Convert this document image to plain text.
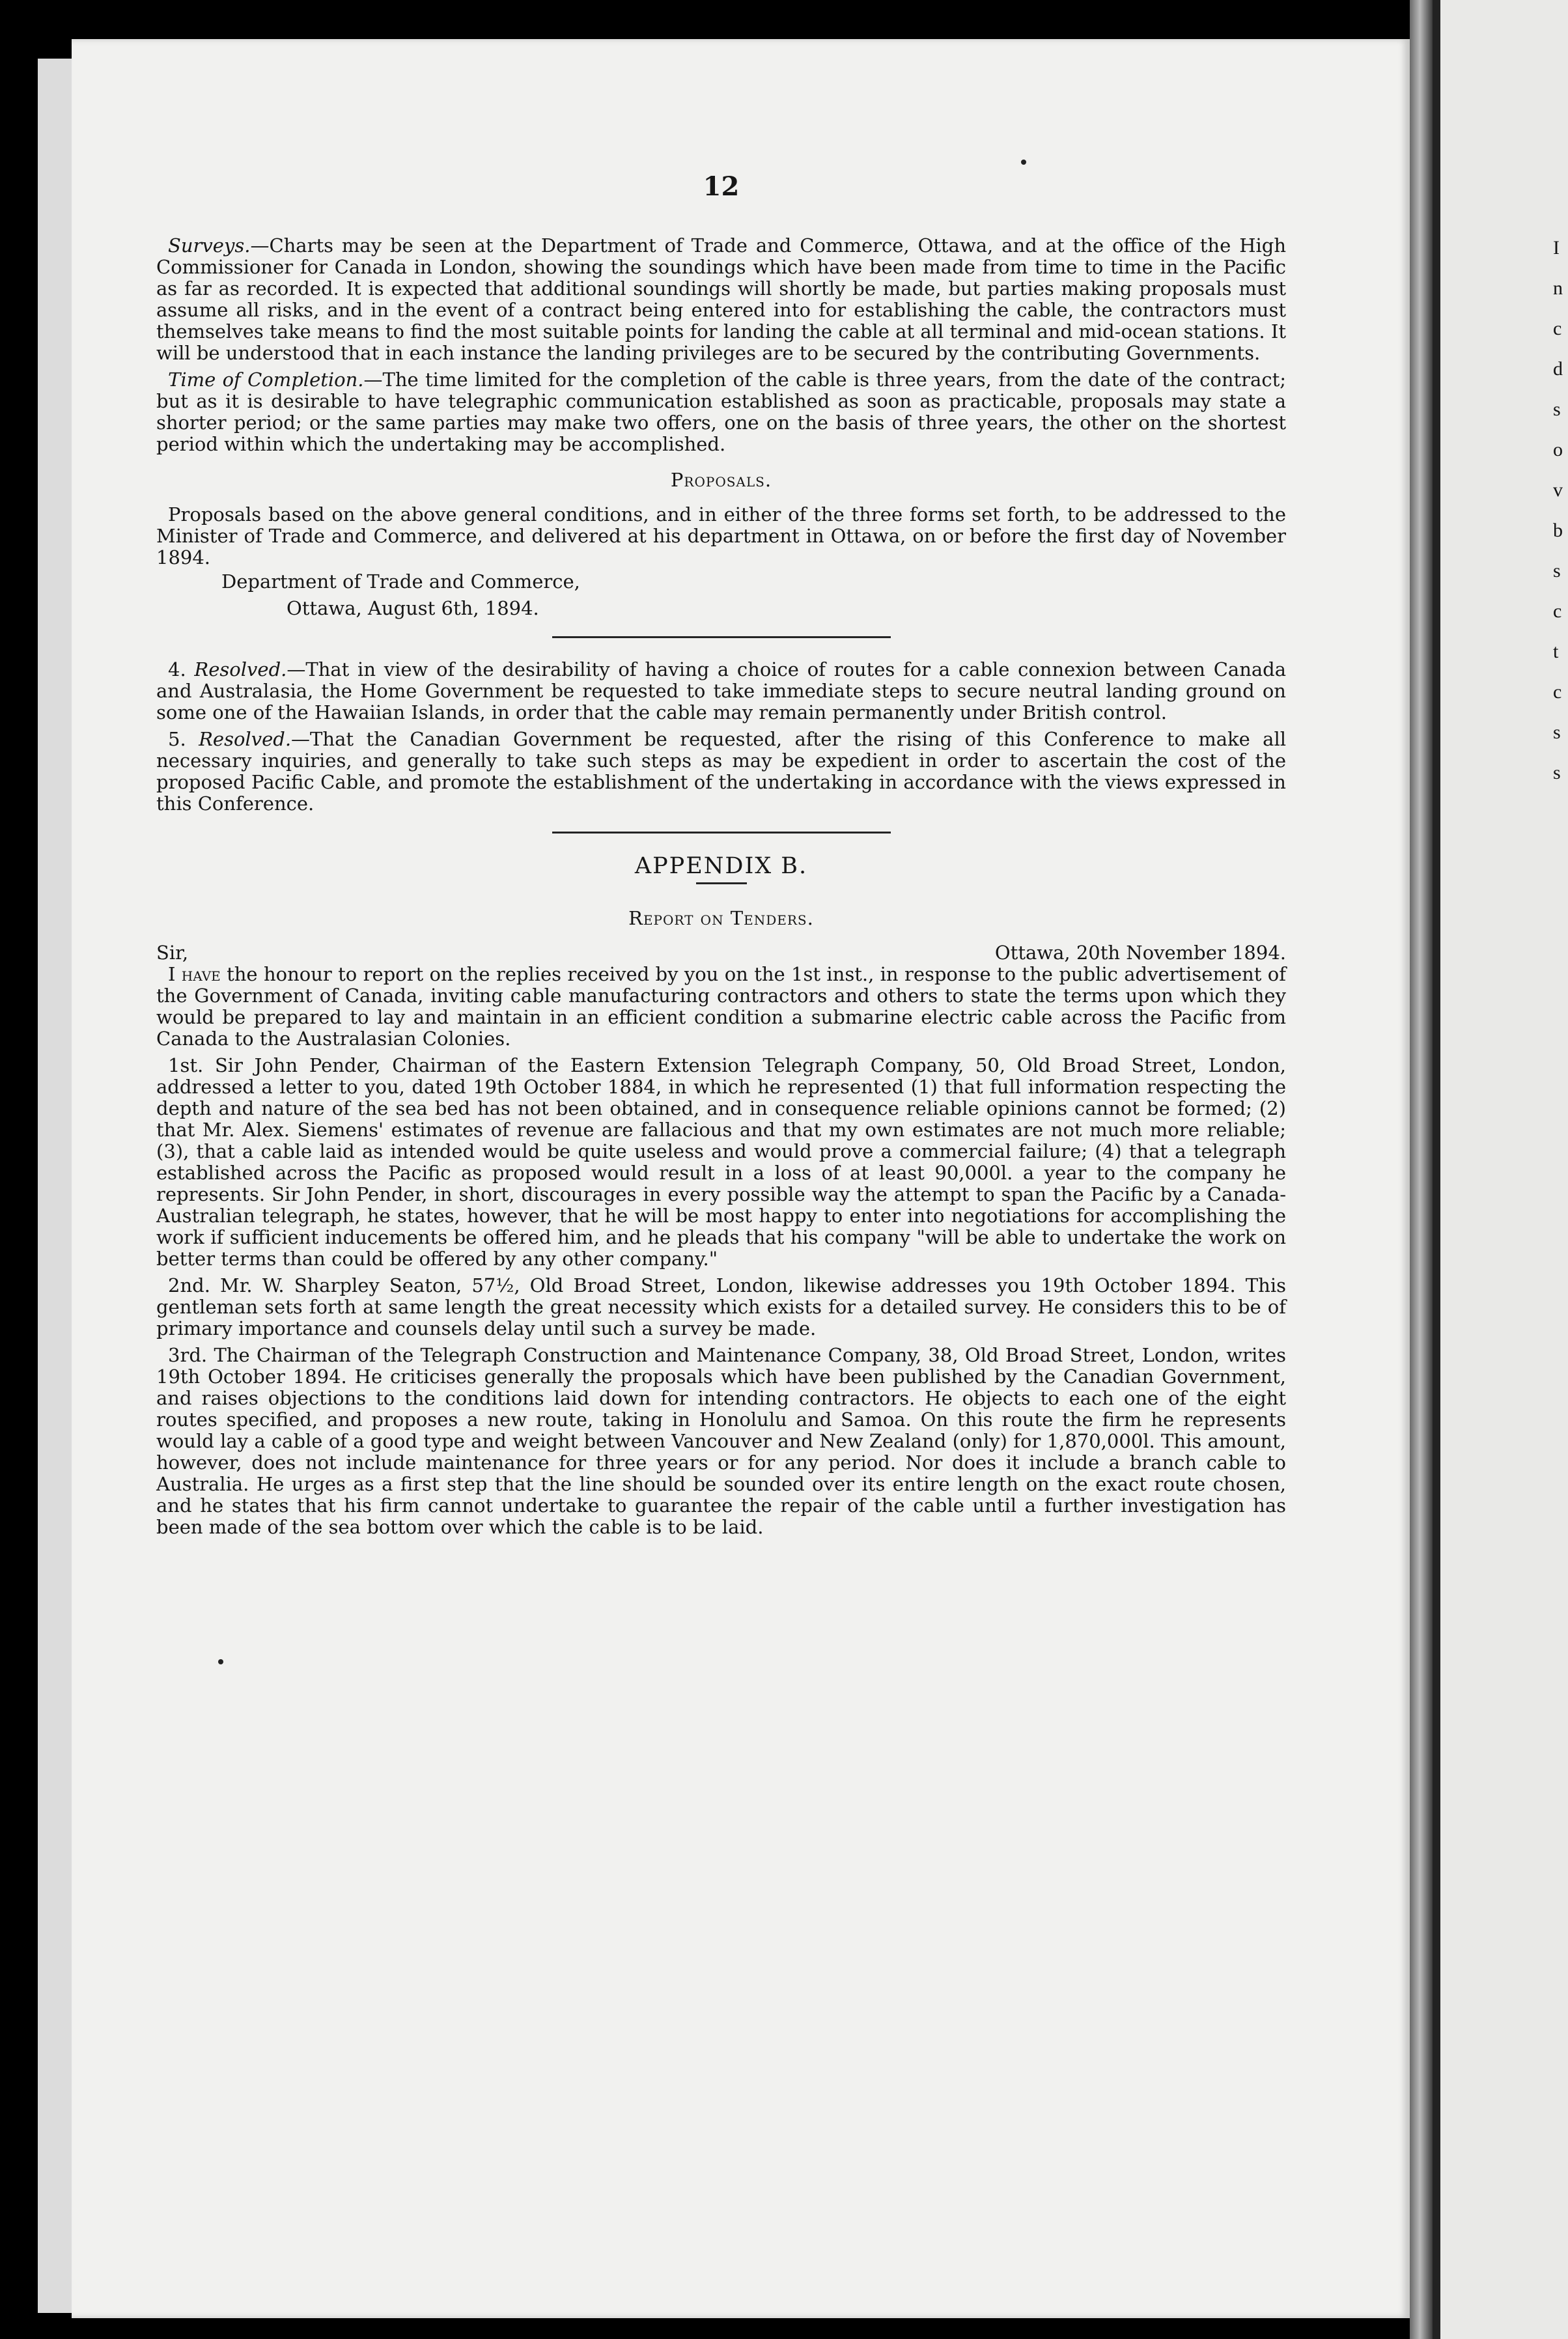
I
n
c
d
s
o
v
b
s
c
t
c
s
s
12

Surveys.—Charts may be seen at the Department of Trade and Commerce, Ottawa, and at the office of the High Commissioner for Canada in London, showing the soundings which have been made from time to time in the Pacific as far as recorded. It is expected that additional soundings will shortly be made, but parties making proposals must assume all risks, and in the event of a contract being entered into for establishing the cable, the contractors must themselves take means to find the most suitable points for landing the cable at all terminal and mid-ocean stations. It will be understood that in each instance the landing privileges are to be secured by the contributing Governments.

Time of Completion.—The time limited for the completion of the cable is three years, from the date of the contract; but as it is desirable to have telegraphic communication established as soon as practicable, proposals may state a shorter period; or the same parties may make two offers, one on the basis of three years, the other on the shortest period within which the undertaking may be accomplished.

Proposals.

Proposals based on the above general conditions, and in either of the three forms set forth, to be addressed to the Minister of Trade and Commerce, and delivered at his department in Ottawa, on or before the first day of November 1894.

Department of Trade and Commerce,

Ottawa, August 6th, 1894.

4. Resolved.—That in view of the desirability of having a choice of routes for a cable connexion between Canada and Australasia, the Home Government be requested to take immediate steps to secure neutral landing ground on some one of the Hawaiian Islands, in order that the cable may remain permanently under British control.

5. Resolved.—That the Canadian Government be requested, after the rising of this Conference to make all necessary inquiries, and generally to take such steps as may be expedient in order to ascertain the cost of the proposed Pacific Cable, and promote the establishment of the undertaking in accordance with the views expressed in this Conference.

APPENDIX B.

Report on Tenders.

Sir,	Ottawa, 20th November 1894.

I have the honour to report on the replies received by you on the 1st inst., in response to the public advertisement of the Government of Canada, inviting cable manufacturing contractors and others to state the terms upon which they would be prepared to lay and maintain in an efficient condition a submarine electric cable across the Pacific from Canada to the Australasian Colonies.

1st. Sir John Pender, Chairman of the Eastern Extension Telegraph Company, 50, Old Broad Street, London, addressed a letter to you, dated 19th October 1884, in which he represented (1) that full information respecting the depth and nature of the sea bed has not been obtained, and in consequence reliable opinions cannot be formed; (2) that Mr. Alex. Siemens' estimates of revenue are fallacious and that my own estimates are not much more reliable; (3), that a cable laid as intended would be quite useless and would prove a commercial failure; (4) that a telegraph established across the Pacific as proposed would result in a loss of at least 90,000l. a year to the company he represents. Sir John Pender, in short, discourages in every possible way the attempt to span the Pacific by a Canada-Australian telegraph, he states, however, that he will be most happy to enter into negotiations for accomplishing the work if sufficient inducements be offered him, and he pleads that his company "will be able to undertake the work on better terms than could be offered by any other company."

2nd. Mr. W. Sharpley Seaton, 57½, Old Broad Street, London, likewise addresses you 19th October 1894. This gentleman sets forth at same length the great necessity which exists for a detailed survey. He considers this to be of primary importance and counsels delay until such a survey be made.

3rd. The Chairman of the Telegraph Construction and Maintenance Company, 38, Old Broad Street, London, writes 19th October 1894. He criticises generally the proposals which have been published by the Canadian Government, and raises objections to the conditions laid down for intending contractors. He objects to each one of the eight routes specified, and proposes a new route, taking in Honolulu and Samoa. On this route the firm he represents would lay a cable of a good type and weight between Vancouver and New Zealand (only) for 1,870,000l. This amount, however, does not include maintenance for three years or for any period. Nor does it include a branch cable to Australia. He urges as a first step that the line should be sounded over its entire length on the exact route chosen, and he states that his firm cannot undertake to guarantee the repair of the cable until a further investigation has been made of the sea bottom over which the cable is to be laid.
